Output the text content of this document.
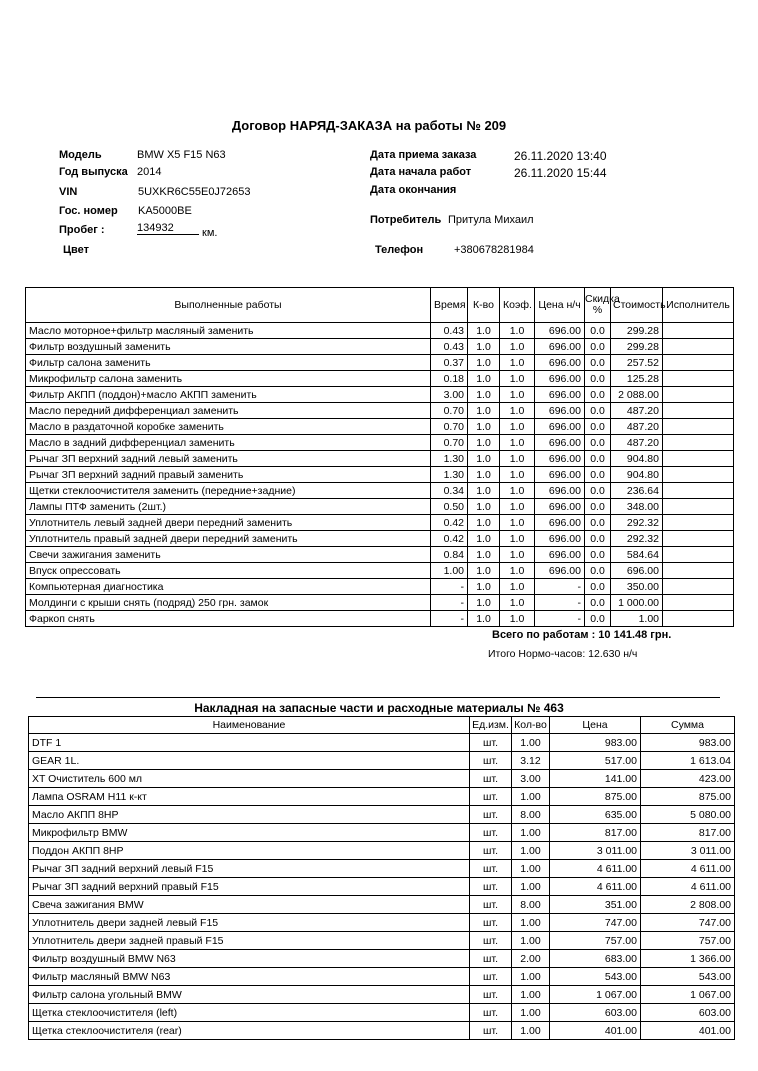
Договор НАРЯД-ЗАКАЗА на работы № 209
Модель	BMW X5 F15 N63
Год выпуска 2014
VIN	5UXKR6C55E0J72653
Гос. номер KA5000BE
Пробег :	134932	км.
Цвет
Дата приема заказа	26.11.2020 13:40
Дата начала работ	26.11.2020 15:44
Дата окончания
Потребитель Притула Михаил
Телефон	+380678281984
Выполненные работы	Время	К-во	Коэф.	Цена н/ч	Скидка %	Стоимость	Исполнитель
Масло моторное+фильтр масляный заменить	0.43	1.0	1.0	696.00	0.0	299.28	
Фильтр воздушный заменить	0.43	1.0	1.0	696.00	0.0	299.28	
Фильтр салона заменить	0.37	1.0	1.0	696.00	0.0	257.52	
Микрофильтр салона заменить	0.18	1.0	1.0	696.00	0.0	125.28	
Фильтр АКПП (поддон)+масло АКПП заменить	3.00	1.0	1.0	696.00	0.0	2 088.00	
Масло передний дифференциал заменить	0.70	1.0	1.0	696.00	0.0	487.20	
Масло в раздаточной коробке заменить	0.70	1.0	1.0	696.00	0.0	487.20	
Масло в задний дифференциал заменить	0.70	1.0	1.0	696.00	0.0	487.20	
Рычаг ЗП верхний задний левый заменить	1.30	1.0	1.0	696.00	0.0	904.80	
Рычаг ЗП верхний задний правый заменить	1.30	1.0	1.0	696.00	0.0	904.80	
Щетки стеклоочистителя заменить (передние+задние)	0.34	1.0	1.0	696.00	0.0	236.64	
Лампы ПТФ заменить (2шт.)	0.50	1.0	1.0	696.00	0.0	348.00	
Уплотнитель левый задней двери передний заменить	0.42	1.0	1.0	696.00	0.0	292.32	
Уплотнитель правый задней двери передний заменить	0.42	1.0	1.0	696.00	0.0	292.32	
Свечи зажигания заменить	0.84	1.0	1.0	696.00	0.0	584.64	
Впуск опрессовать	1.00	1.0	1.0	696.00	0.0	696.00	
Компьютерная диагностика	-	1.0	1.0	-	0.0	350.00	
Молдинги с крыши снять (подряд) 250 грн. замок	-	1.0	1.0	-	0.0	1 000.00	
Фаркоп снять	-	1.0	1.0	-	0.0	1.00	
Всего по работам : 10 141.48 грн.
Итого Нормо-часов: 12.630 н/ч
Накладная на запасные части и расходные материалы № 463
Наименование	Ед.изм.	Кол-во	Цена	Сумма
DTF 1	шт.	1.00	983.00	983.00
GEAR 1L.	шт.	3.12	517.00	1 613.04
XT Очиститель 600 мл	шт.	3.00	141.00	423.00
Лампа OSRAM H11 к-кт	шт.	1.00	875.00	875.00
Масло АКПП 8HP	шт.	8.00	635.00	5 080.00
Микрофильтр BMW	шт.	1.00	817.00	817.00
Поддон АКПП 8HP	шт.	1.00	3 011.00	3 011.00
Рычаг ЗП задний верхний левый F15	шт.	1.00	4 611.00	4 611.00
Рычаг ЗП задний верхний правый F15	шт.	1.00	4 611.00	4 611.00
Свеча зажигания BMW	шт.	8.00	351.00	2 808.00
Уплотнитель двери задней левый F15	шт.	1.00	747.00	747.00
Уплотнитель двери задней правый F15	шт.	1.00	757.00	757.00
Фильтр воздушный BMW N63	шт.	2.00	683.00	1 366.00
Фильтр масляный BMW N63	шт.	1.00	543.00	543.00
Фильтр салона угольный BMW	шт.	1.00	1 067.00	1 067.00
Щетка стеклоочистителя (left)	шт.	1.00	603.00	603.00
Щетка стеклоочистителя (rear)	шт.	1.00	401.00	401.00
